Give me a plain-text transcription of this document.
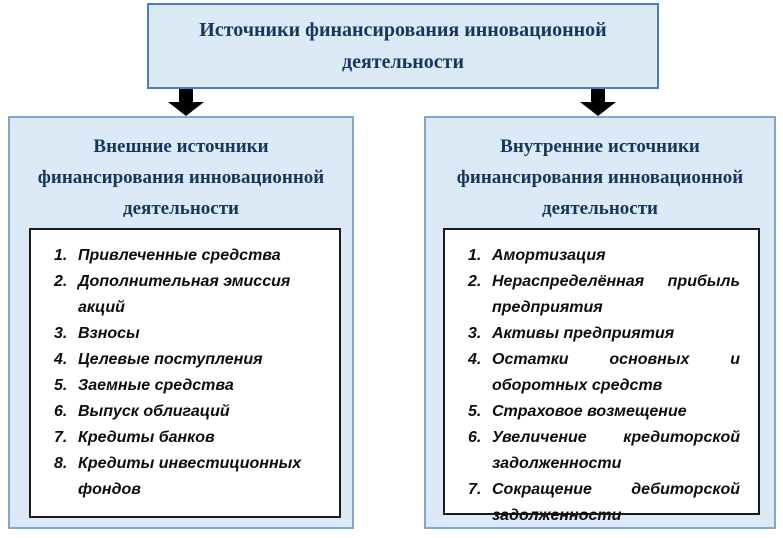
Источники финансирования инновационной деятельности
Внешние источники финансирования инновационной деятельности
Привлеченные средства
Дополнительная эмиссия акций
Взносы
Целевые поступления
Заемные средства
Выпуск облигаций
Кредиты банков
Кредиты инвестиционных фондов
Внутренние источники финансирования инновационной деятельности
Амортизация
Нераспределённая прибыль предприятия
Активы предприятия
Остатки основных и оборотных средств
Страховое возмещение
Увеличение кредиторской задолженности
Сокращение дебиторской задолженности
